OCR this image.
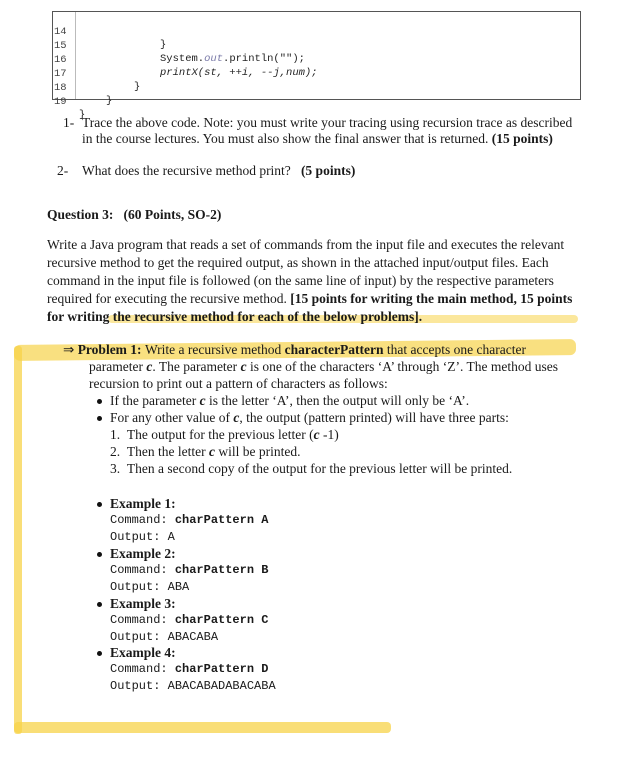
14

}

15

System.out.println("");

16

printX(st, ++i, --j,num);

17

}

18

}

19

}

1- Trace the above code. Note: you must write your tracing using recursion trace as described
in the course lectures. You must also show the final answer that is returned. (15 points)
2- What does the recursive method print? (5 points)
Question 3:   (60 Points, SO-2)
Write a Java program that reads a set of commands from the input file and executes the relevant
recursive method to get the required output, as shown in the attached input/output files. Each
command in the input file is followed (on the same line of input) by the respective parameters
required for executing the recursive method. [15 points for writing the main method, 15 points
for writing the recursive method for each of the below problems].
⇒ Problem 1: Write a recursive method characterPattern that accepts one character
parameter c. The parameter c is one of the characters ‘A’ through ‘Z’. The method uses
recursion to print out a pattern of characters as follows:
If the parameter c is the letter ‘A’, then the output will only be ‘A’.
For any other value of c, the output (pattern printed) will have three parts:
1. The output for the previous letter (c -1)
2. Then the letter c will be printed.
3. Then a second copy of the output for the previous letter will be printed.
Example 1:
Command: charPattern A
Output: A
Example 2:
Command: charPattern B
Output: ABA
Example 3:
Command: charPattern C
Output: ABACABA
Example 4:
Command: charPattern D
Output: ABACABADABACABA
